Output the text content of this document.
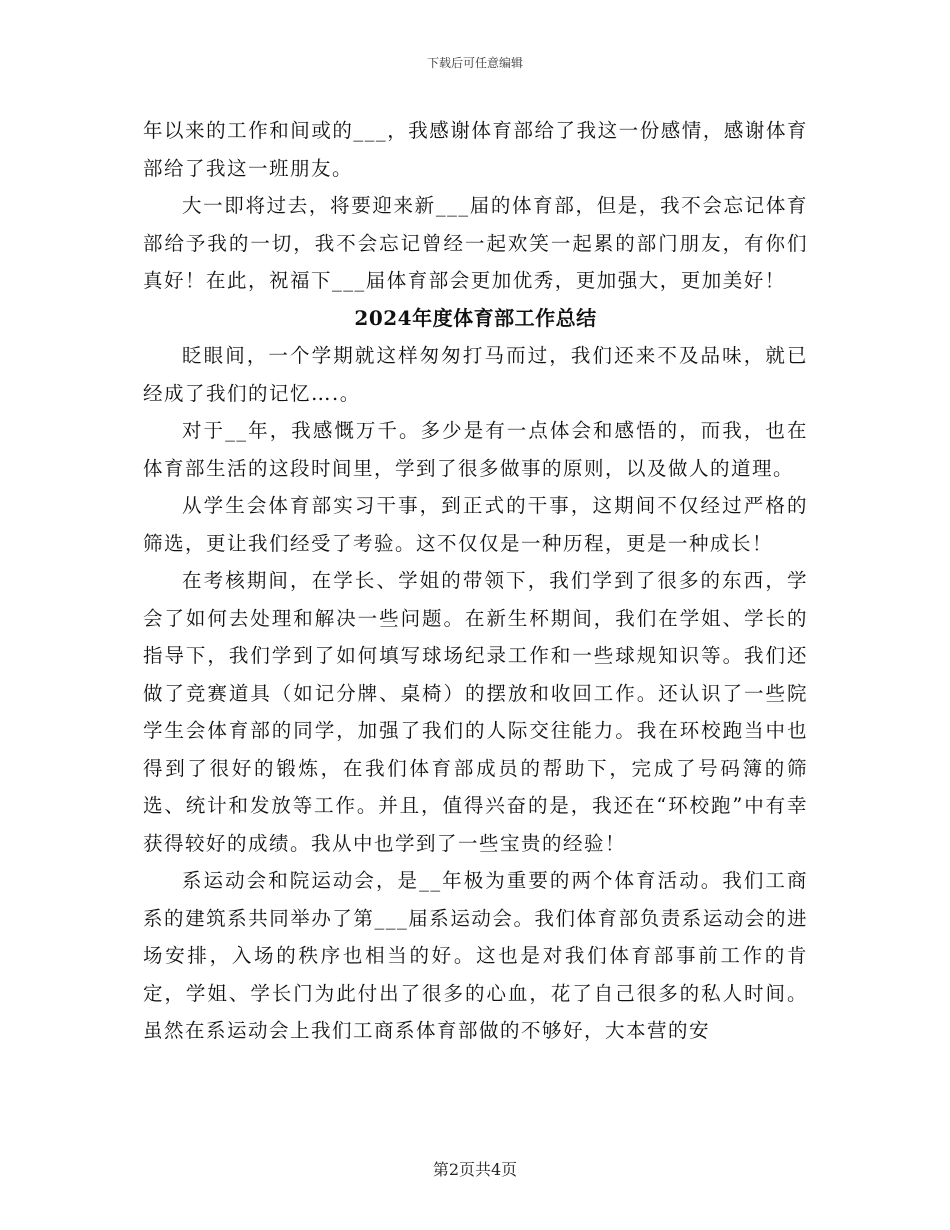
下载后可任意编辑

年以来的工作和间或的___，我感谢体育部给了我这一份感情，感谢体育部给了我这一班朋友。

大一即将过去，将要迎来新___届的体育部，但是，我不会忘记体育部给予我的一切，我不会忘记曾经一起欢笑一起累的部门朋友，有你们真好！在此，祝福下___届体育部会更加优秀，更加强大，更加美好！

2024年度体育部工作总结

眨眼间，一个学期就这样匆匆打马而过，我们还来不及品味，就已经成了我们的记忆….。

对于__年，我感慨万千。多少是有一点体会和感悟的，而我，也在体育部生活的这段时间里，学到了很多做事的原则，以及做人的道理。

从学生会体育部实习干事，到正式的干事，这期间不仅经过严格的筛选，更让我们经受了考验。这不仅仅是一种历程，更是一种成长！

在考核期间，在学长、学姐的带领下，我们学到了很多的东西，学会了如何去处理和解决一些问题。在新生杯期间，我们在学姐、学长的指导下，我们学到了如何填写球场纪录工作和一些球规知识等。我们还做了竞赛道具（如记分牌、桌椅）的摆放和收回工作。还认识了一些院学生会体育部的同学，加强了我们的人际交往能力。我在环校跑当中也得到了很好的锻炼，在我们体育部成员的帮助下，完成了号码簿的筛选、统计和发放等工作。并且，值得兴奋的是，我还在“环校跑”中有幸获得较好的成绩。我从中也学到了一些宝贵的经验！

系运动会和院运动会，是__年极为重要的两个体育活动。我们工商系的建筑系共同举办了第___届系运动会。我们体育部负责系运动会的进场安排，入场的秩序也相当的好。这也是对我们体育部事前工作的肯定，学姐、学长门为此付出了很多的心血，花了自己很多的私人时间。虽然在系运动会上我们工商系体育部做的不够好，大本营的安

第2页共4页
